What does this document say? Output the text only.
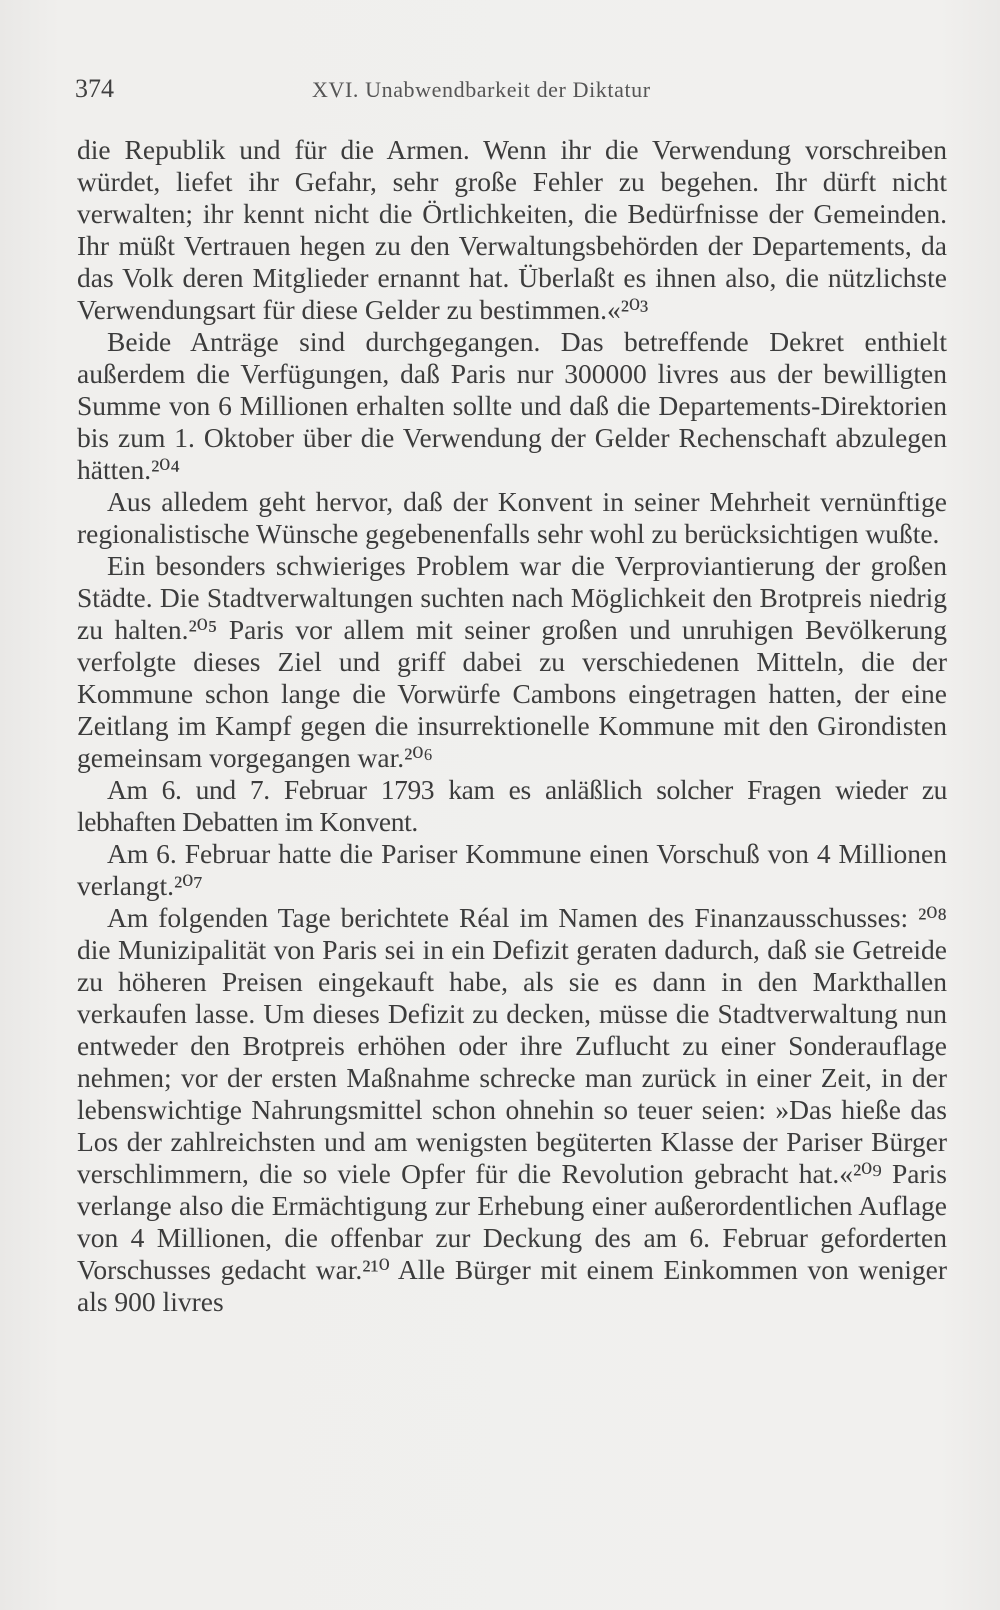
374	XVI. Unabwendbarkeit der Diktatur

die Republik und für die Armen. Wenn ihr die Verwendung vorschreiben würdet, liefet ihr Gefahr, sehr große Fehler zu begehen. Ihr dürft nicht verwalten; ihr kennt nicht die Örtlichkeiten, die Bedürfnisse der Gemeinden. Ihr müßt Vertrauen hegen zu den Verwaltungsbehörden der Departements, da das Volk deren Mitglieder ernannt hat. Überlaßt es ihnen also, die nützlichste Verwendungsart für diese Gelder zu bestimmen.«²⁰³

Beide Anträge sind durchgegangen. Das betreffende Dekret enthielt außerdem die Verfügungen, daß Paris nur 300000 livres aus der bewilligten Summe von 6 Millionen erhalten sollte und daß die Departements-Direktorien bis zum 1. Oktober über die Verwendung der Gelder Rechenschaft abzulegen hätten.²⁰⁴

Aus alledem geht hervor, daß der Konvent in seiner Mehrheit vernünftige regionalistische Wünsche gegebenenfalls sehr wohl zu berücksichtigen wußte.

Ein besonders schwieriges Problem war die Verproviantierung der großen Städte. Die Stadtverwaltungen suchten nach Möglichkeit den Brotpreis niedrig zu halten.²⁰⁵ Paris vor allem mit seiner großen und unruhigen Bevölkerung verfolgte dieses Ziel und griff dabei zu verschiedenen Mitteln, die der Kommune schon lange die Vorwürfe Cambons eingetragen hatten, der eine Zeitlang im Kampf gegen die insurrektionelle Kommune mit den Girondisten gemeinsam vorgegangen war.²⁰⁶

Am 6. und 7. Februar 1793 kam es anläßlich solcher Fragen wieder zu lebhaften Debatten im Konvent.

Am 6. Februar hatte die Pariser Kommune einen Vorschuß von 4 Millionen verlangt.²⁰⁷

Am folgenden Tage berichtete Réal im Namen des Finanzausschusses: ²⁰⁸ die Munizipalität von Paris sei in ein Defizit geraten dadurch, daß sie Getreide zu höheren Preisen eingekauft habe, als sie es dann in den Markthallen verkaufen lasse. Um dieses Defizit zu decken, müsse die Stadtverwaltung nun entweder den Brotpreis erhöhen oder ihre Zuflucht zu einer Sonderauflage nehmen; vor der ersten Maßnahme schrecke man zurück in einer Zeit, in der lebenswichtige Nahrungsmittel schon ohnehin so teuer seien: »Das hieße das Los der zahlreichsten und am wenigsten begüterten Klasse der Pariser Bürger verschlimmern, die so viele Opfer für die Revolution gebracht hat.«²⁰⁹ Paris verlange also die Ermächtigung zur Erhebung einer außerordentlichen Auflage von 4 Millionen, die offenbar zur Deckung des am 6. Februar geforderten Vorschusses gedacht war.²¹⁰ Alle Bürger mit einem Einkommen von weniger als 900 livres
